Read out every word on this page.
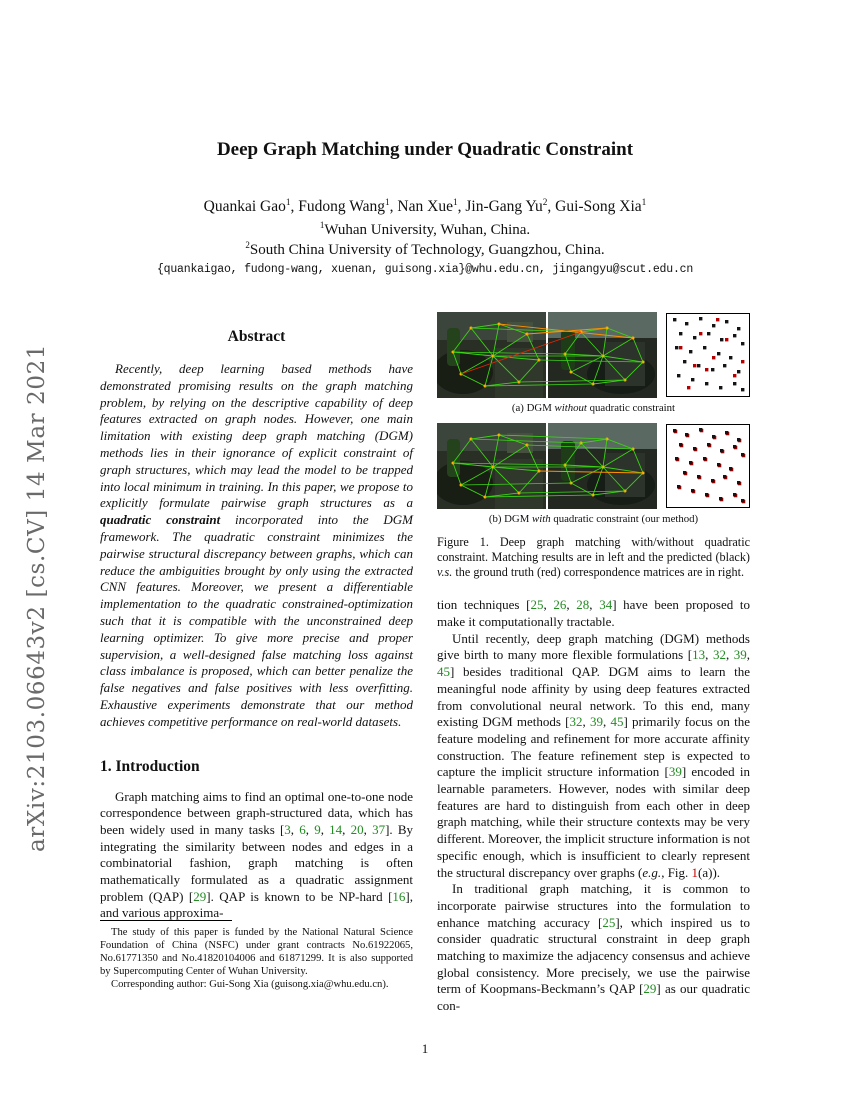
arXiv:2103.06643v2 [cs.CV] 14 Mar 2021
Deep Graph Matching under Quadratic Constraint
Quankai Gao$^1$, Fudong Wang$^1$, Nan Xue$^1$, Jin-Gang Yu$^2$, Gui-Song Xia$^1$
$^1$Wuhan University, Wuhan, China.
$^2$South China University of Technology, Guangzhou, China.
{quankaigao, fudong-wang, xuenan, guisong.xia}@whu.edu.cn, jingangyu@scut.edu.cn
Abstract

Recently, deep learning based methods have demonstrated promising results on the graph matching problem, by relying on the descriptive capability of deep features extracted on graph nodes. However, one main limitation with existing deep graph matching (DGM) methods lies in their ignorance of explicit constraint of graph structures, which may lead the model to be trapped into local minimum in training. In this paper, we propose to explicitly formulate pairwise graph structures as a quadratic constraint incorporated into the DGM framework. The quadratic constraint minimizes the pairwise structural discrepancy between graphs, which can reduce the ambiguities brought by only using the extracted CNN features. Moreover, we present a differentiable implementation to the quadratic constrained-optimization such that it is compatible with the unconstrained deep learning optimizer. To give more precise and proper supervision, a well-designed false matching loss against class imbalance is proposed, which can better penalize the false negatives and false positives with less overfitting. Exhaustive experiments demonstrate that our method achieves competitive performance on real-world datasets.

1. Introduction

Graph matching aims to find an optimal one-to-one node correspondence between graph-structured data, which has been widely used in many tasks [3, 6, 9, 14, 20, 37]. By integrating the similarity between nodes and edges in a combinatorial fashion, graph matching is often mathematically formulated as a quadratic assignment problem (QAP) [29]. QAP is known to be NP-hard [16], and various approxima-

The study of this paper is funded by the National Natural Science Foundation of China (NSFC) under grant contracts No.61922065, No.61771350 and No.41820104006 and 61871299. It is also supported by Supercomputing Center of Wuhan University.

Corresponding author: Gui-Song Xia (guisong.xia@whu.edu.cn).

(a) DGM without quadratic constraint
(b) DGM with quadratic constraint (our method)

Figure 1. Deep graph matching with/without quadratic constraint. Matching results are in left and the predicted (black) v.s. the ground truth (red) correspondence matrices are in right.

tion techniques [25, 26, 28, 34] have been proposed to make it computationally tractable.

Until recently, deep graph matching (DGM) methods give birth to many more flexible formulations [13, 32, 39, 45] besides traditional QAP. DGM aims to learn the meaningful node affinity by using deep features extracted from convolutional neural network. To this end, many existing DGM methods [32, 39, 45] primarily focus on the feature modeling and refinement for more accurate affinity construction. The feature refinement step is expected to capture the implicit structure information [39] encoded in learnable parameters. However, nodes with similar deep features are hard to distinguish from each other in deep graph matching, while their structure contexts may be very different. Moreover, the implicit structure information is not specific enough, which is insufficient to clearly represent the structural discrepancy over graphs (e.g., Fig. 1(a)).

In traditional graph matching, it is common to incorporate pairwise structures into the formulation to enhance matching accuracy [25], which inspired us to consider quadratic structural constraint in deep graph matching to maximize the adjacency consensus and achieve global consistency. More precisely, we use the pairwise term of Koopmans-Beckmann’s QAP [29] as our quadratic con-

1
